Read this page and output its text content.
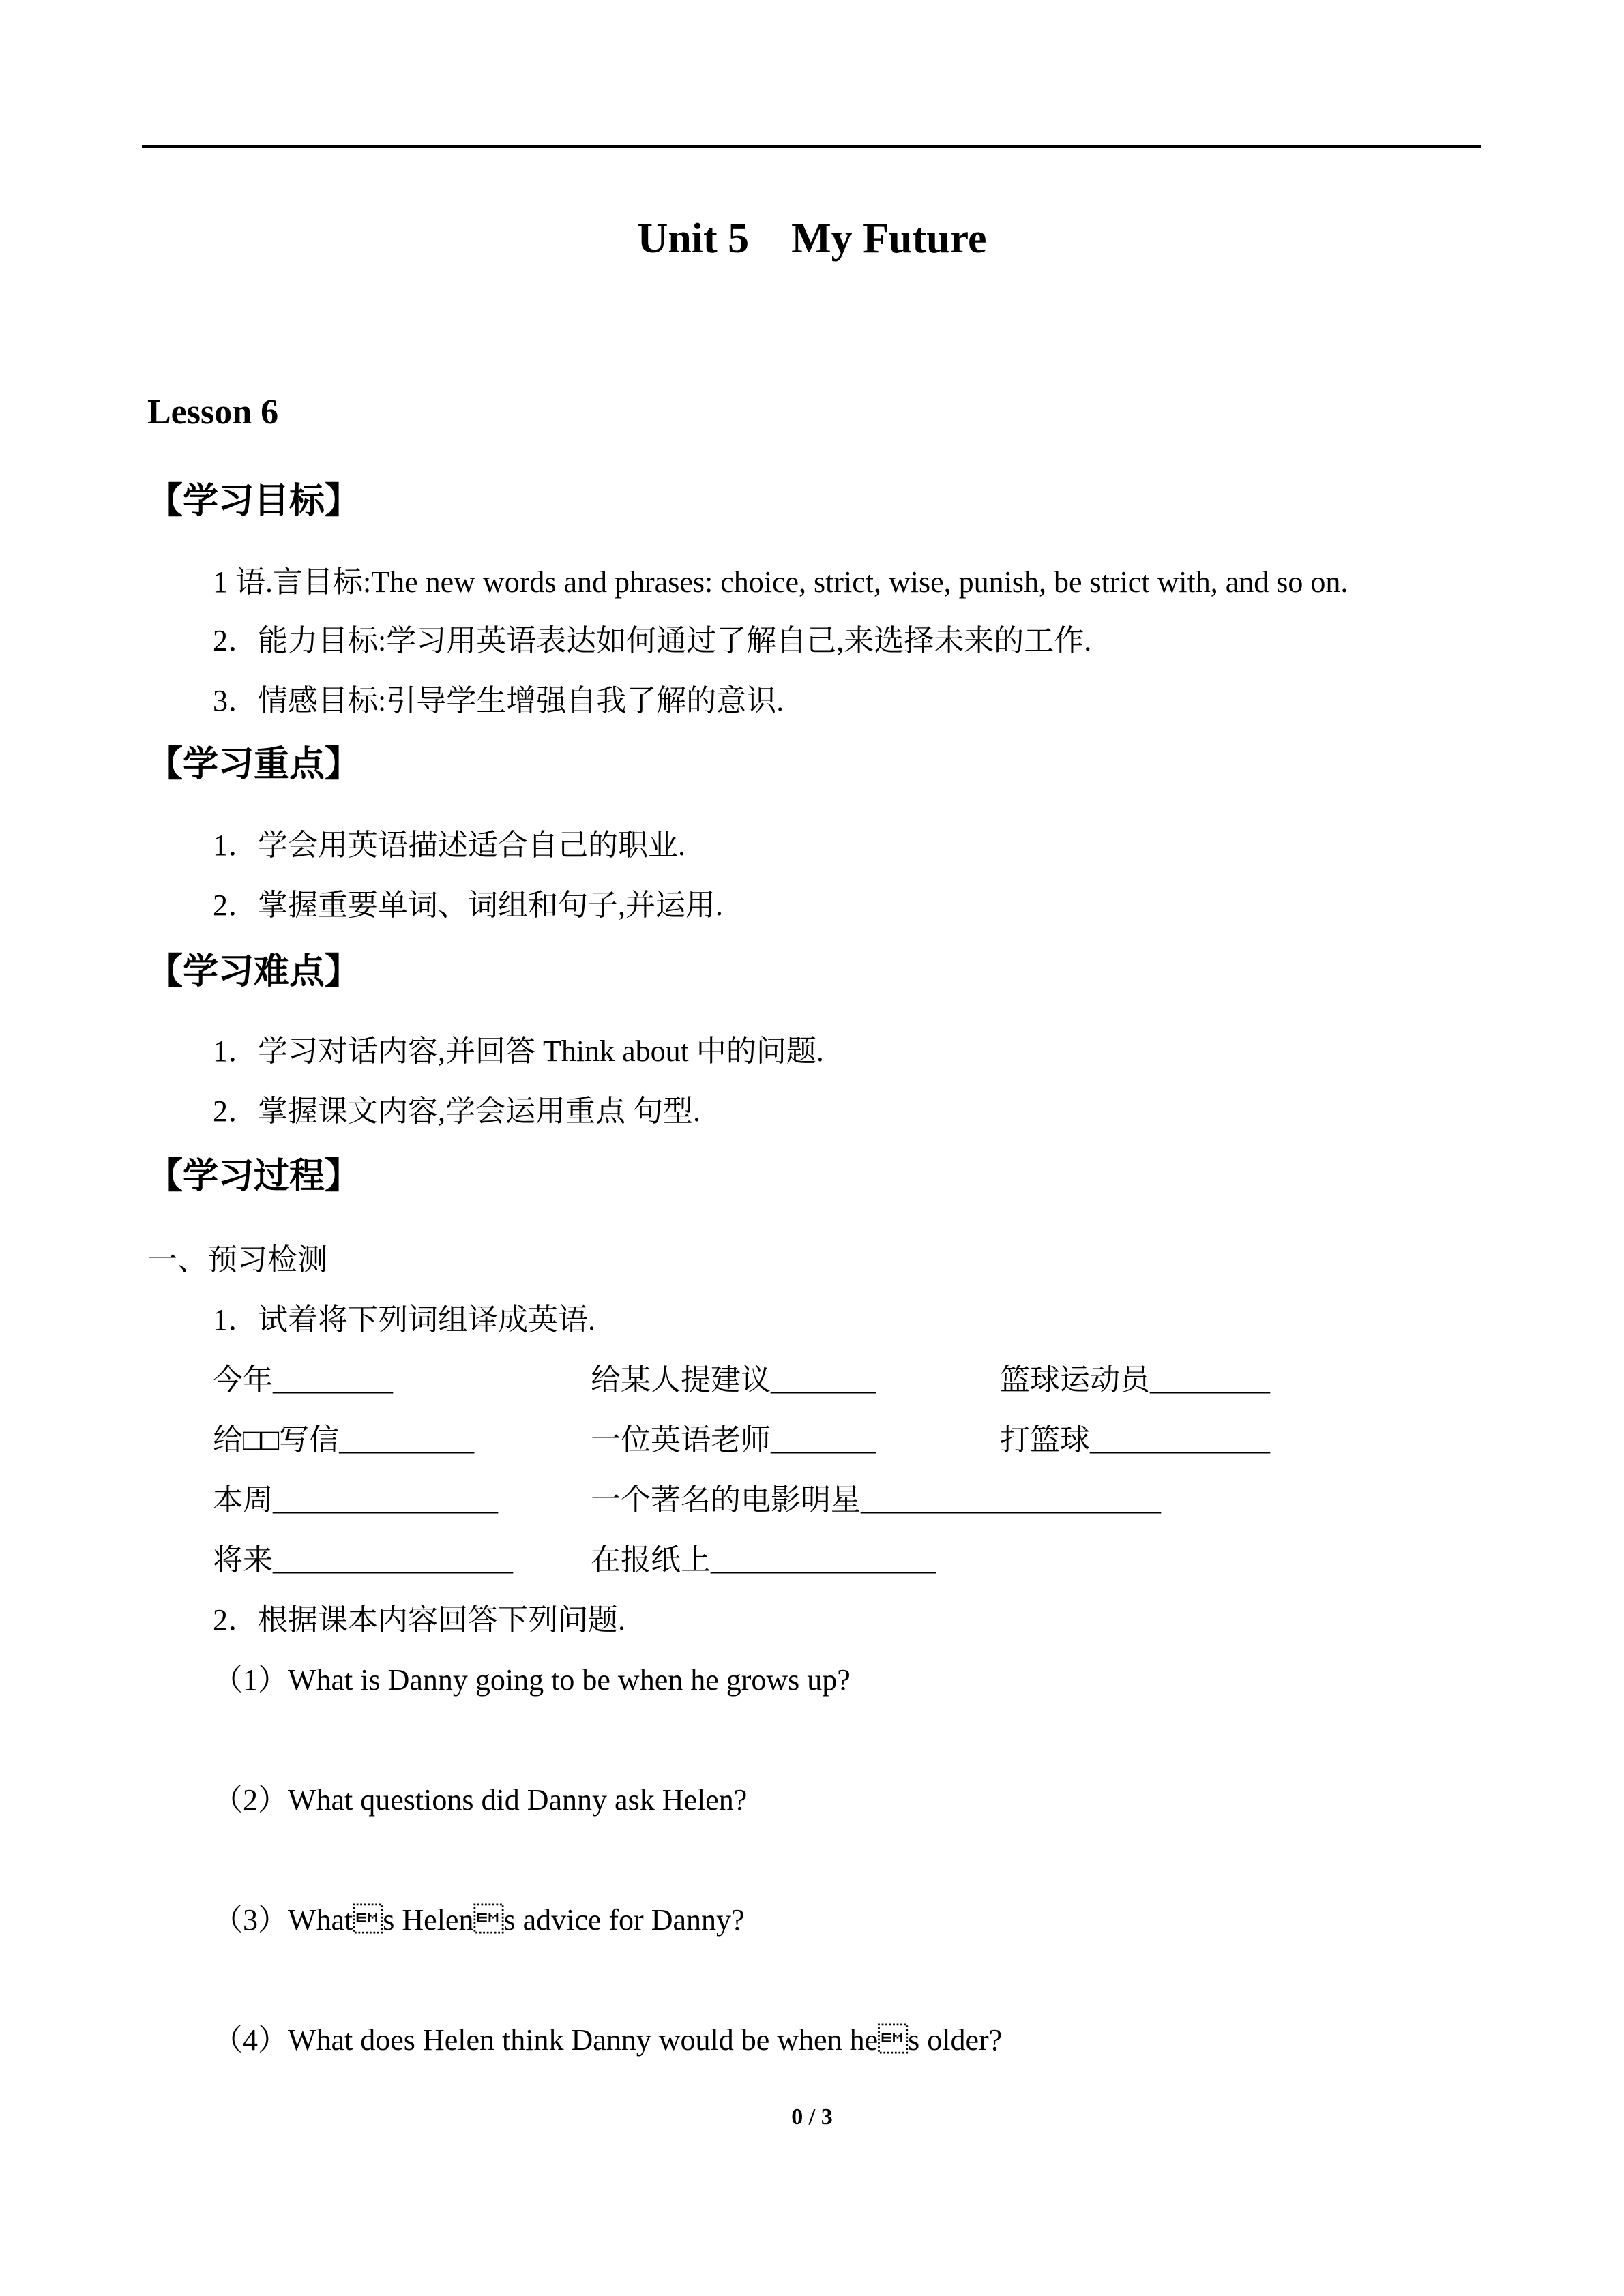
Unit 5    My Future
Lesson 6
【学习目标】
1 语.言目标:The new words and phrases: choice, strict, wise, punish, be strict with, and so on.
2．能力目标:学习用英语表达如何通过了解自己,来选择未来的工作.
3．情感目标:引导学生增强自我了解的意识.
【学习重点】
1．学会用英语描述适合自己的职业.
2．掌握重要单词、词组和句子,并运用.
【学习难点】
1．学习对话内容,并回答 Think about 中的问题.
2．掌握课文内容,学会运用重点 句型.
【学习过程】
一、预习检测
1．试着将下列词组译成英语.
今年________	给某人提建议_______	篮球运动员________
给□□写信_________	一位英语老师_______	打篮球____________
本周_______________	一个著名的电影明星____________________
将来________________	在报纸上_______________
2．根据课本内容回答下列问题.
（1）What is Danny going to be when he grows up?
（2）What questions did Danny ask Helen?
（3）Whats Helens advice for Danny?
（4）What does Helen think Danny would be when hes older?
0 / 3
